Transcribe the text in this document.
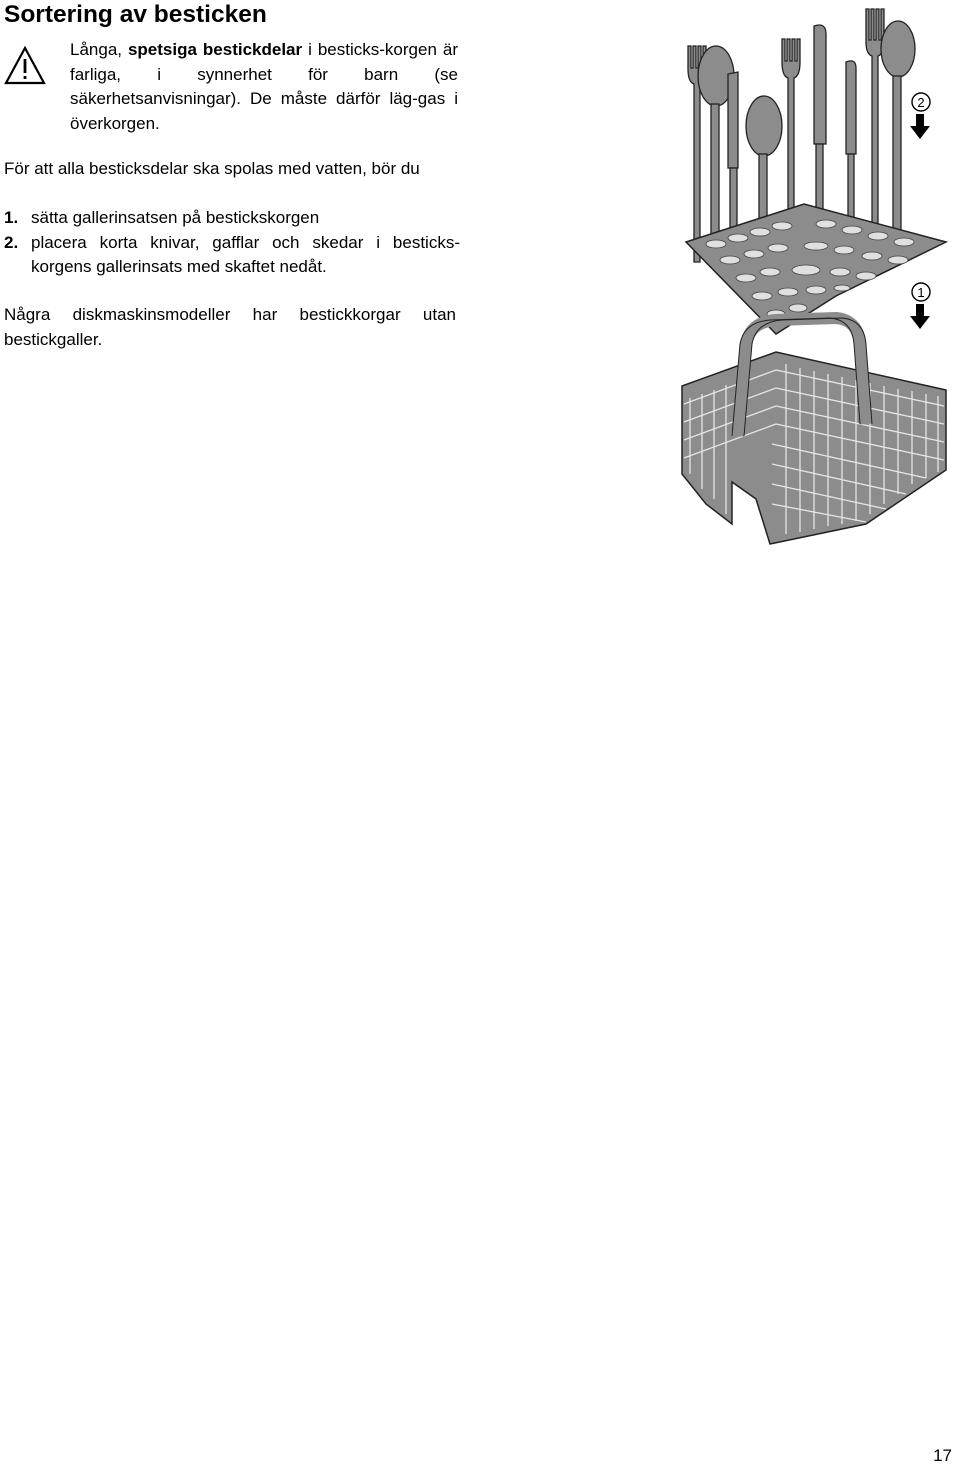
Sortering av besticken
Långa, spetsiga bestickdelar i besticks-korgen är farliga, i synnerhet för barn (se säkerhetsanvisningar). De måste därför läg-gas i överkorgen.
För att alla besticksdelar ska spolas med vatten, bör du
1. sätta gallerinsatsen på bestickskorgen
2. placera korta knivar, gafflar och skedar i besticks-korgens gallerinsats med skaftet nedåt.
Några diskmaskinsmodeller har bestickkorgar utan bestickgaller.
2
1
17
